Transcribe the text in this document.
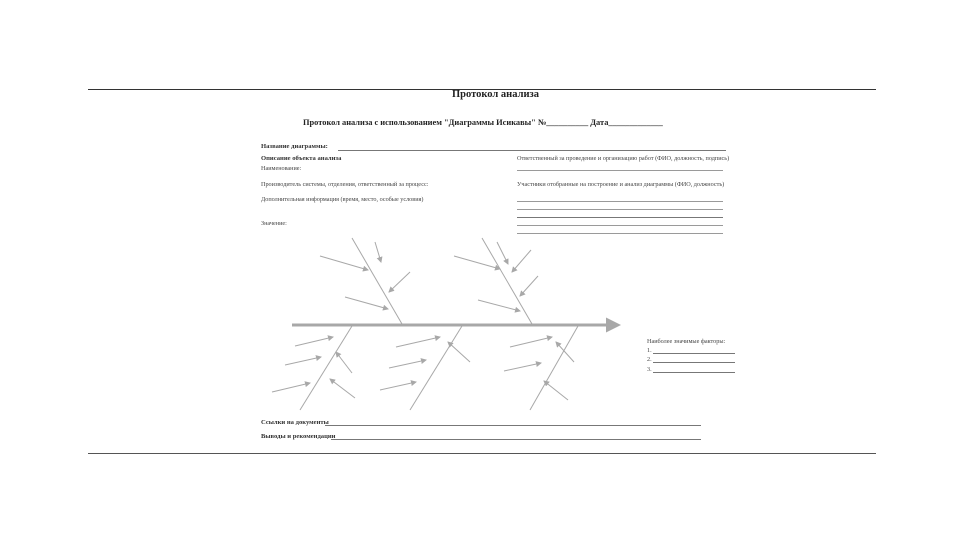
Протокол анализа
Протокол анализа с использованием "Диаграммы Исикавы" №__________ Дата_____________
Название диаграммы:
Описание объекта анализа
Наименование:
Производитель системы, отделения, ответственный за процесс:
Дополнительная информация (время, место, особые условия)
Значение:
Ответственный за проведение и организацию работ (ФИО, должность, подпись)
Участники отобранные на построение и анализ диаграммы (ФИО, должность)
Наиболее значимые факторы:
1.
2.
3.
Ссылки на документы
Выводы и рекомендации
